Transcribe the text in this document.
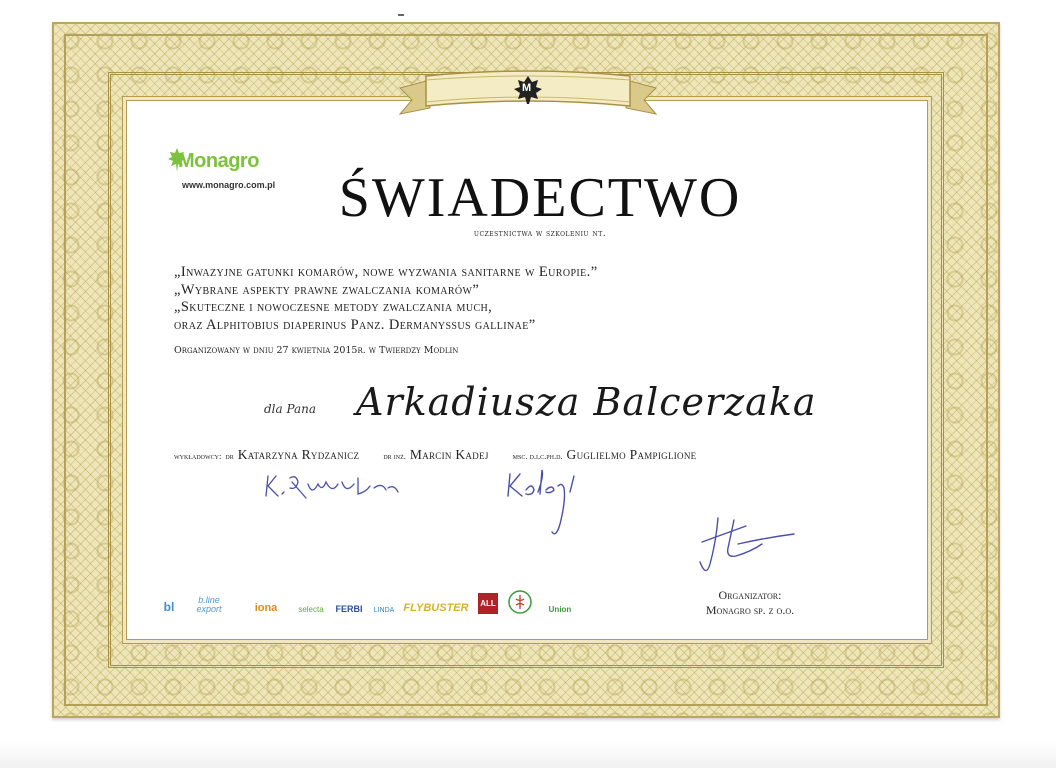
M
Monagro
www.monagro.com.pl	ŚWIADECTWO
uczestnictwa w szkoleniu nt.
„Inwazyjne gatunki komarów, nowe wyzwania sanitarne w Europie.”
„Wybrane aspekty prawne zwalczania komarów”
„Skuteczne i nowoczesne metody zwalczania much,
oraz Alphitobius diaperinus Panz. Dermanyssus gallinae”
Organizowany w dniu 27 kwietnia 2015r. w Twierdzy Modlin
dla Pana Arkadiusza Balcerzaka
wykładowcy: dr Katarzyna Rydzanicz	dr inż. Marcin Kadej	msc. d.i.c.ph.d. Guglielmo Pampiglione
Organizator:
Monagro sp. z o.o.
bl	b.line export	iona	selecta FERBI LINDA FLYBUSTER ALL
Union
